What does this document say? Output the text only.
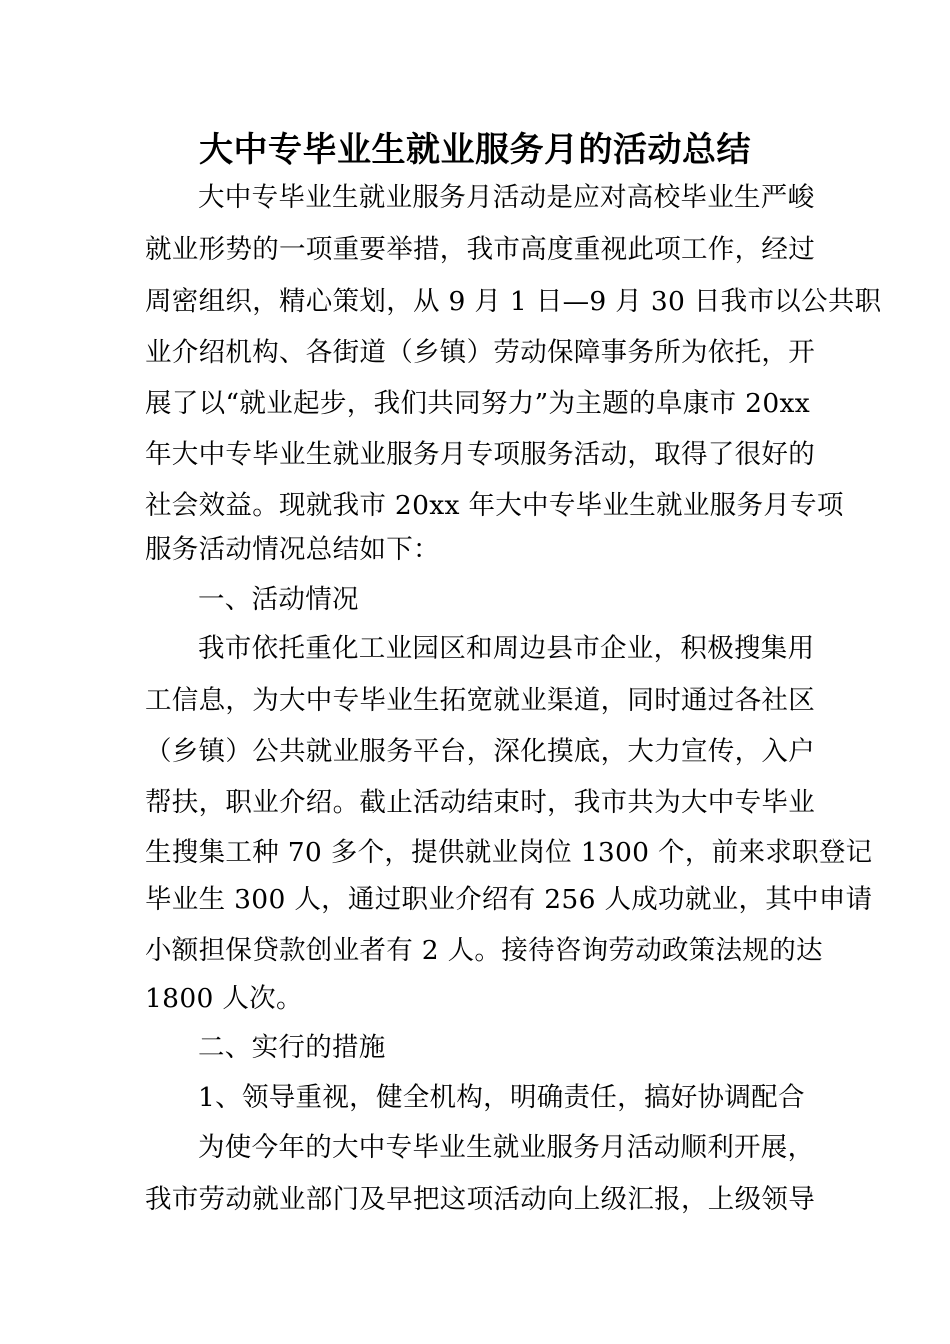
大中专毕业生就业服务月的活动总结
大中专毕业生就业服务月活动是应对高校毕业生严峻
就业形势的一项重要举措，我市高度重视此项工作，经过
周密组织，精心策划，从 9 月 1 日—9 月 30 日我市以公共职
业介绍机构、各街道（乡镇）劳动保障事务所为依托，开
展了以“就业起步，我们共同努力”为主题的阜康市 20xx
年大中专毕业生就业服务月专项服务活动，取得了很好的
社会效益。现就我市 20xx 年大中专毕业生就业服务月专项
服务活动情况总结如下：
一、活动情况
我市依托重化工业园区和周边县市企业，积极搜集用
工信息，为大中专毕业生拓宽就业渠道，同时通过各社区
（乡镇）公共就业服务平台，深化摸底，大力宣传，入户
帮扶，职业介绍。截止活动结束时，我市共为大中专毕业
生搜集工种 70 多个，提供就业岗位 1300 个，前来求职登记
毕业生 300 人，通过职业介绍有 256 人成功就业，其中申请
小额担保贷款创业者有 2 人。接待咨询劳动政策法规的达
1800 人次。
二、实行的措施
1、领导重视，健全机构，明确责任，搞好协调配合
为使今年的大中专毕业生就业服务月活动顺利开展，
我市劳动就业部门及早把这项活动向上级汇报，上级领导
